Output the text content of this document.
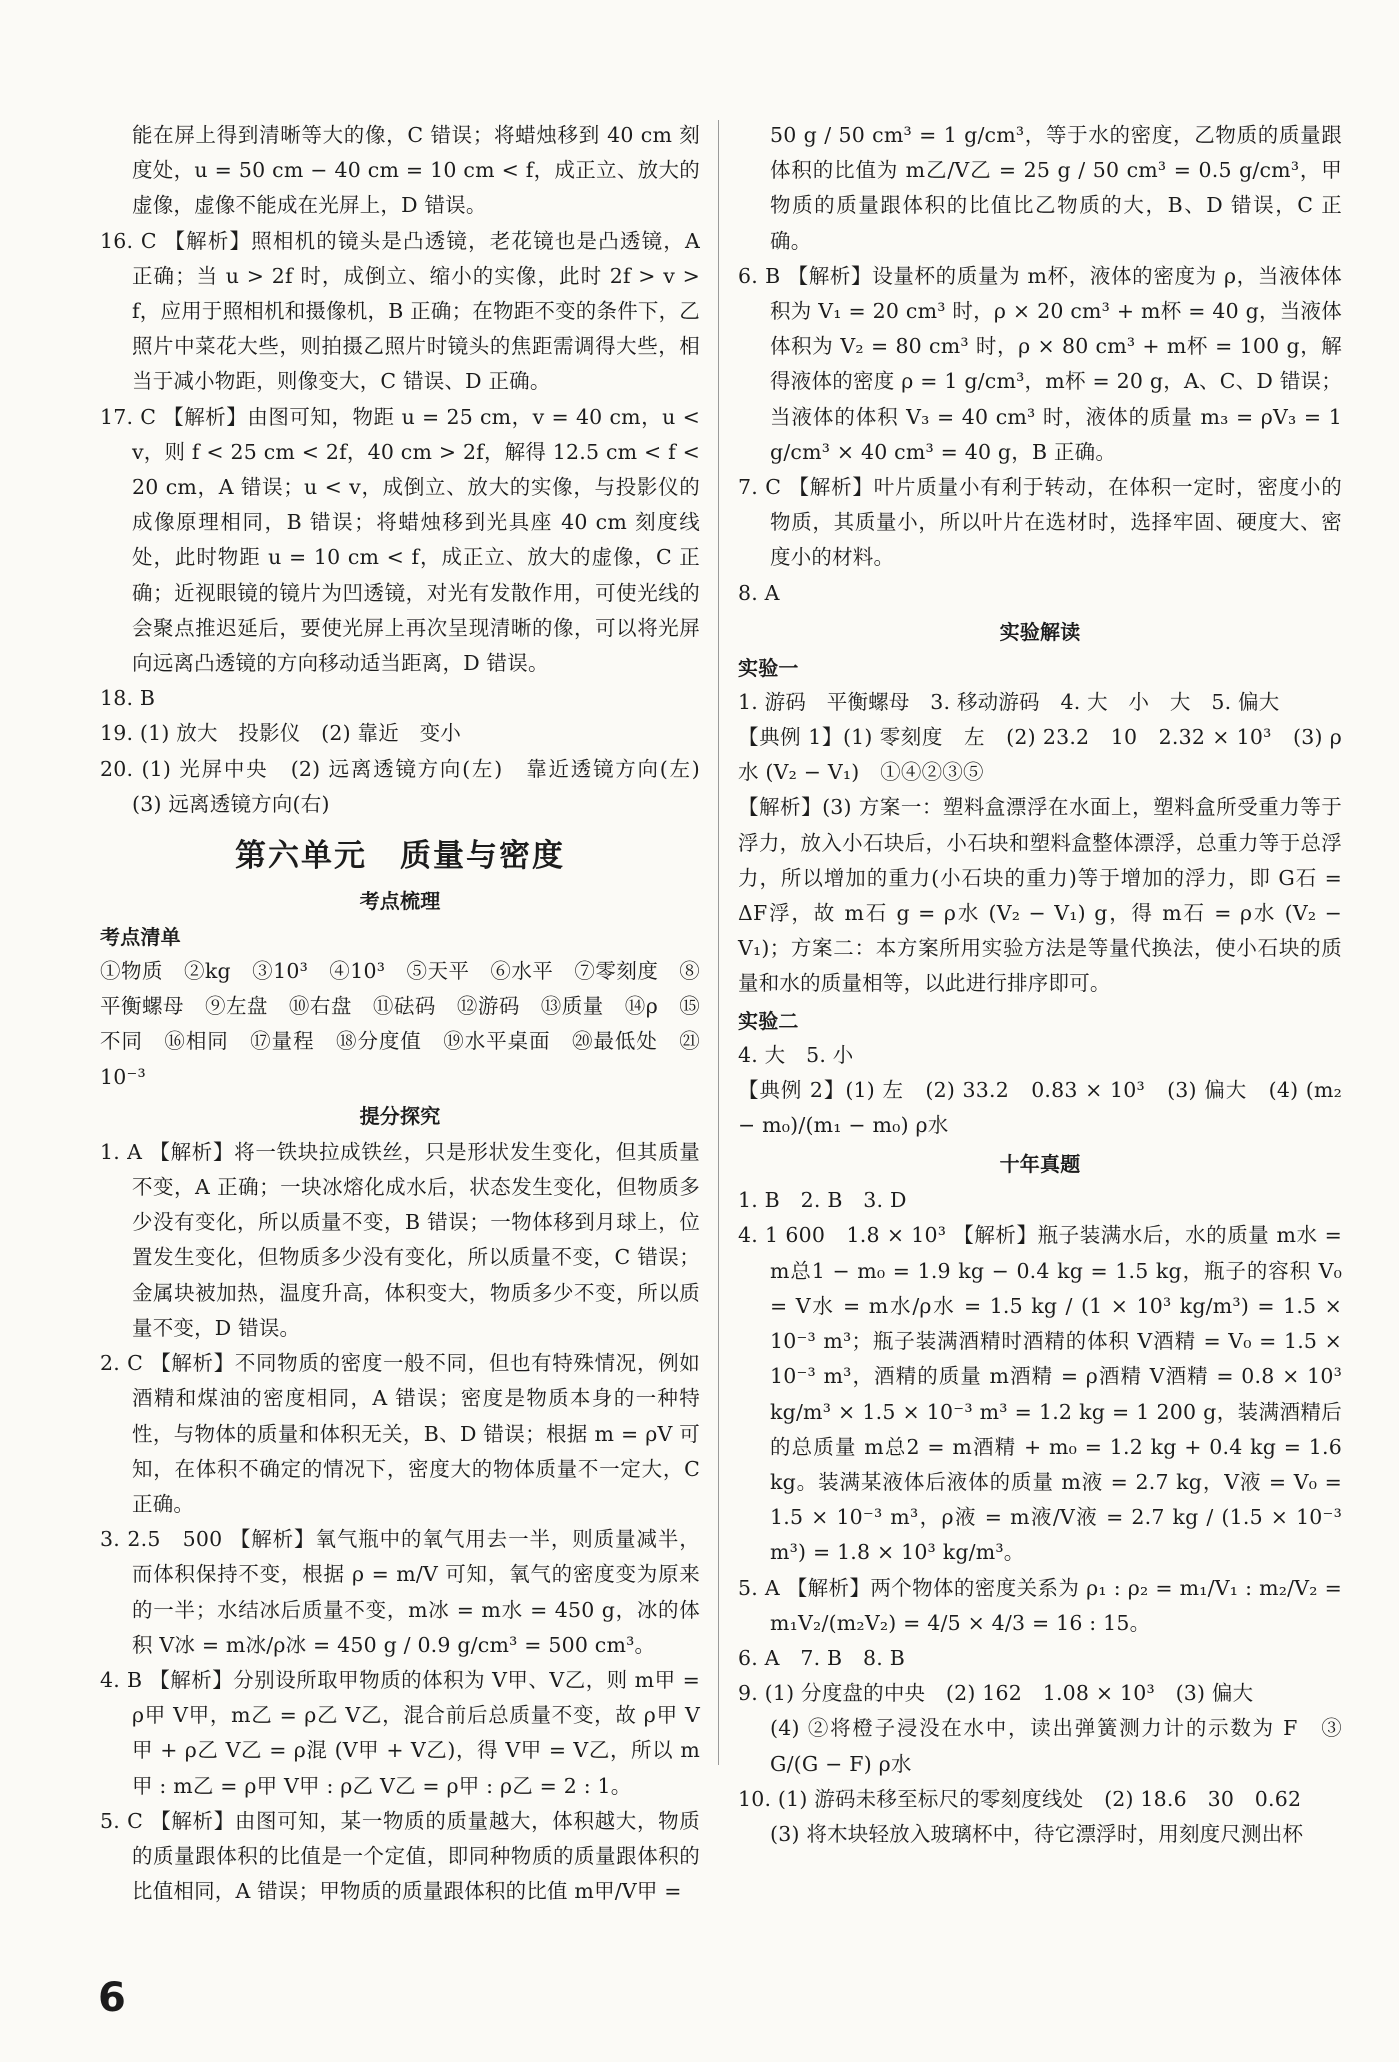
能在屏上得到清晰等大的像，C 错误；将蜡烛移到 40 cm 刻度处，u = 50 cm − 40 cm = 10 cm < f，成正立、放大的虚像，虚像不能成在光屏上，D 错误。

16. C 【解析】照相机的镜头是凸透镜，老花镜也是凸透镜，A 正确；当 u > 2f 时，成倒立、缩小的实像，此时 2f > v > f，应用于照相机和摄像机，B 正确；在物距不变的条件下，乙照片中菜花大些，则拍摄乙照片时镜头的焦距需调得大些，相当于减小物距，则像变大，C 错误、D 正确。

17. C 【解析】由图可知，物距 u = 25 cm，v = 40 cm，u < v，则 f < 25 cm < 2f，40 cm > 2f，解得 12.5 cm < f < 20 cm，A 错误；u < v，成倒立、放大的实像，与投影仪的成像原理相同，B 错误；将蜡烛移到光具座 40 cm 刻度线处，此时物距 u = 10 cm < f，成正立、放大的虚像，C 正确；近视眼镜的镜片为凹透镜，对光有发散作用，可使光线的会聚点推迟延后，要使光屏上再次呈现清晰的像，可以将光屏向远离凸透镜的方向移动适当距离，D 错误。

18. B

19. (1) 放大　投影仪　(2) 靠近　变小

20. (1) 光屏中央　(2) 远离透镜方向(左)　靠近透镜方向(左)　(3) 远离透镜方向(右)

第六单元　质量与密度
考点梳理
考点清单

①物质　②kg　③10³　④10³　⑤天平　⑥水平　⑦零刻度　⑧平衡螺母　⑨左盘　⑩右盘　⑪砝码　⑫游码　⑬质量　⑭ρ　⑮不同　⑯相同　⑰量程　⑱分度值　⑲水平桌面　⑳最低处　㉑10⁻³

提分探究

1. A 【解析】将一铁块拉成铁丝，只是形状发生变化，但其质量不变，A 正确；一块冰熔化成水后，状态发生变化，但物质多少没有变化，所以质量不变，B 错误；一物体移到月球上，位置发生变化，但物质多少没有变化，所以质量不变，C 错误；金属块被加热，温度升高，体积变大，物质多少不变，所以质量不变，D 错误。

2. C 【解析】不同物质的密度一般不同，但也有特殊情况，例如酒精和煤油的密度相同，A 错误；密度是物质本身的一种特性，与物体的质量和体积无关，B、D 错误；根据 m = ρV 可知，在体积不确定的情况下，密度大的物体质量不一定大，C 正确。

3. 2.5　500 【解析】氧气瓶中的氧气用去一半，则质量减半，而体积保持不变，根据 ρ = m/V 可知，氧气的密度变为原来的一半；水结冰后质量不变，m冰 = m水 = 450 g，冰的体积 V冰 = m冰/ρ冰 = 450 g / 0.9 g/cm³ = 500 cm³。

4. B 【解析】分别设所取甲物质的体积为 V甲、V乙，则 m甲 = ρ甲 V甲，m乙 = ρ乙 V乙，混合前后总质量不变，故 ρ甲 V甲 + ρ乙 V乙 = ρ混 (V甲 + V乙)，得 V甲 = V乙，所以 m甲 : m乙 = ρ甲 V甲 : ρ乙 V乙 = ρ甲 : ρ乙 = 2 : 1。

5. C 【解析】由图可知，某一物质的质量越大，体积越大，物质的质量跟体积的比值是一个定值，即同种物质的质量跟体积的比值相同，A 错误；甲物质的质量跟体积的比值 m甲/V甲 =

50 g / 50 cm³ = 1 g/cm³，等于水的密度，乙物质的质量跟体积的比值为 m乙/V乙 = 25 g / 50 cm³ = 0.5 g/cm³，甲物质的质量跟体积的比值比乙物质的大，B、D 错误，C 正确。

6. B 【解析】设量杯的质量为 m杯，液体的密度为 ρ，当液体体积为 V₁ = 20 cm³ 时，ρ × 20 cm³ + m杯 = 40 g，当液体体积为 V₂ = 80 cm³ 时，ρ × 80 cm³ + m杯 = 100 g，解得液体的密度 ρ = 1 g/cm³，m杯 = 20 g，A、C、D 错误；当液体的体积 V₃ = 40 cm³ 时，液体的质量 m₃ = ρV₃ = 1 g/cm³ × 40 cm³ = 40 g，B 正确。

7. C 【解析】叶片质量小有利于转动，在体积一定时，密度小的物质，其质量小，所以叶片在选材时，选择牢固、硬度大、密度小的材料。

8. A

实验解读
实验一

1. 游码　平衡螺母　3. 移动游码　4. 大　小　大　5. 偏大

【典例 1】(1) 零刻度　左　(2) 23.2　10　2.32 × 10³　(3) ρ水 (V₂ − V₁)　①④②③⑤

【解析】(3) 方案一：塑料盒漂浮在水面上，塑料盒所受重力等于浮力，放入小石块后，小石块和塑料盒整体漂浮，总重力等于总浮力，所以增加的重力(小石块的重力)等于增加的浮力，即 G石 = ΔF浮，故 m石 g = ρ水 (V₂ − V₁) g，得 m石 = ρ水 (V₂ − V₁)；方案二：本方案所用实验方法是等量代换法，使小石块的质量和水的质量相等，以此进行排序即可。

实验二

4. 大　5. 小

【典例 2】(1) 左　(2) 33.2　0.83 × 10³　(3) 偏大　(4) (m₂ − m₀)/(m₁ − m₀) ρ水

十年真题

1. B　2. B　3. D

4. 1 600　1.8 × 10³ 【解析】瓶子装满水后，水的质量 m水 = m总1 − m₀ = 1.9 kg − 0.4 kg = 1.5 kg，瓶子的容积 V₀ = V水 = m水/ρ水 = 1.5 kg / (1 × 10³ kg/m³) = 1.5 × 10⁻³ m³；瓶子装满酒精时酒精的体积 V酒精 = V₀ = 1.5 × 10⁻³ m³，酒精的质量 m酒精 = ρ酒精 V酒精 = 0.8 × 10³ kg/m³ × 1.5 × 10⁻³ m³ = 1.2 kg = 1 200 g，装满酒精后的总质量 m总2 = m酒精 + m₀ = 1.2 kg + 0.4 kg = 1.6 kg。装满某液体后液体的质量 m液 = 2.7 kg，V液 = V₀ = 1.5 × 10⁻³ m³，ρ液 = m液/V液 = 2.7 kg / (1.5 × 10⁻³ m³) = 1.8 × 10³ kg/m³。

5. A 【解析】两个物体的密度关系为 ρ₁ : ρ₂ = m₁/V₁ : m₂/V₂ = m₁V₂/(m₂V₂) = 4/5 × 4/3 = 16 : 15。

6. A　7. B　8. B

9. (1) 分度盘的中央　(2) 162　1.08 × 10³　(3) 偏大

(4) ②将橙子浸没在水中，读出弹簧测力计的示数为 F　③ G/(G − F) ρ水

10. (1) 游码未移至标尺的零刻度线处　(2) 18.6　30　0.62

(3) 将木块轻放入玻璃杯中，待它漂浮时，用刻度尺测出杯

6
